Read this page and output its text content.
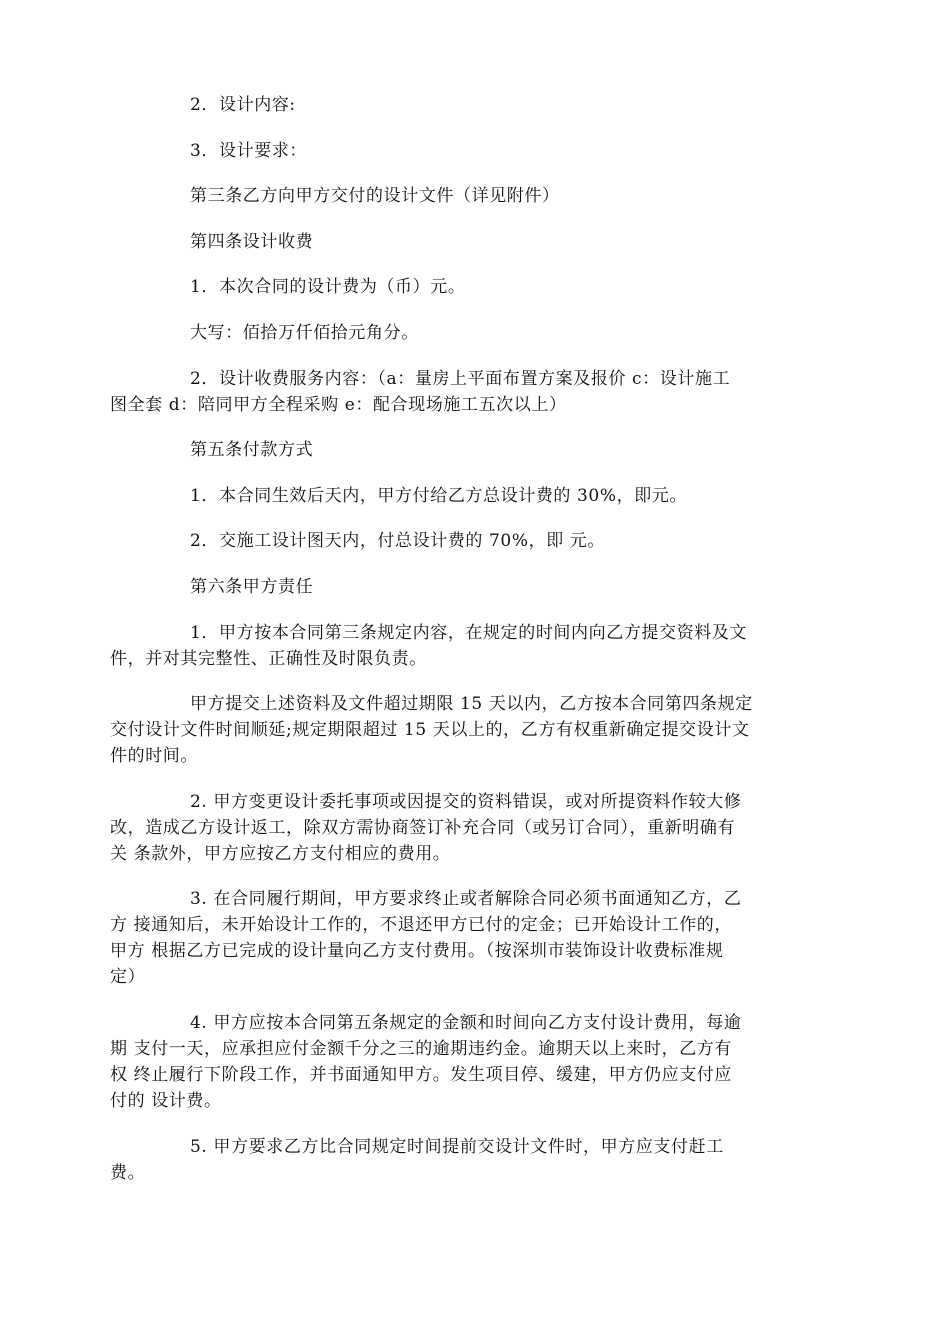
2．设计内容:
3．设计要求：
第三条乙方向甲方交付的设计文件（详见附件）
第四条设计收费
1．本次合同的设计费为（币）元。
大写：佰拾万仟佰拾元角分。
2．设计收费服务内容：（a：量房上平面布置方案及报价 c：设计施工
图全套 d：陪同甲方全程采购 e：配合现场施工五次以上）
第五条付款方式
1．本合同生效后天内，甲方付给乙方总设计费的 30%，即元。
2．交施工设计图天内，付总设计费的 70%，即 元。
第六条甲方责任
1．甲方按本合同第三条规定内容，在规定的时间内向乙方提交资料及文
件，并对其完整性、正确性及时限负责。
甲方提交上述资料及文件超过期限 15 天以内，乙方按本合同第四条规定
交付设计文件时间顺延;规定期限超过 15 天以上的，乙方有权重新确定提交设计文
件的时间。
2. 甲方变更设计委托事项或因提交的资料错误，或对所提资料作较大修
改，造成乙方设计返工，除双方需协商签订补充合同（或另订合同），重新明确有
关 条款外，甲方应按乙方支付相应的费用。
3. 在合同履行期间，甲方要求终止或者解除合同必须书面通知乙方，乙
方 接通知后，未开始设计工作的，不退还甲方已付的定金；已开始设计工作的，
甲方 根据乙方已完成的设计量向乙方支付费用。（按深圳市装饰设计收费标准规
定）
4. 甲方应按本合同第五条规定的金额和时间向乙方支付设计费用，每逾
期 支付一天，应承担应付金额千分之三的逾期违约金。逾期天以上来时，乙方有
权 终止履行下阶段工作，并书面通知甲方。发生项目停、缓建，甲方仍应支付应
付的 设计费。
5. 甲方要求乙方比合同规定时间提前交设计文件时，甲方应支付赶工
费。
